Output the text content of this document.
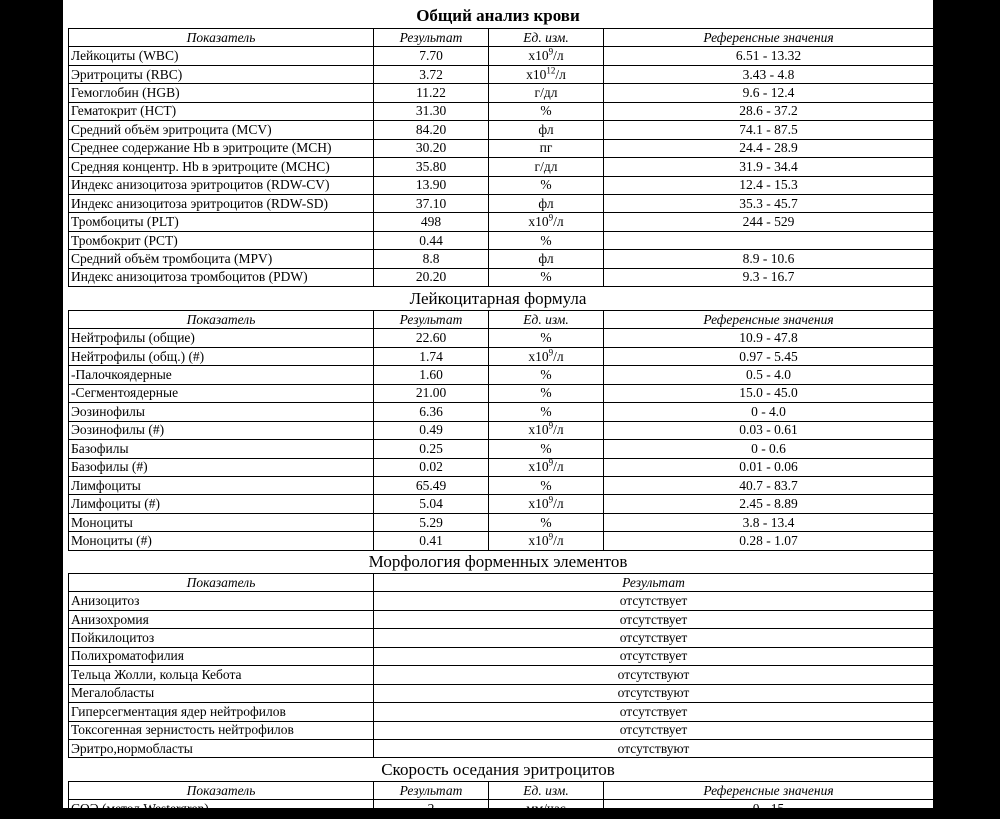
Общий анализ крови
Показатель	Результат	Ед. изм.	Референсные значения
Лейкоциты (WBC)	7.70	$x10^9/л$	6.51 - 13.32
Эритроциты (RBC)	3.72	$x10^{12}/л$	3.43 - 4.8
Гемоглобин (HGB)	11.22	г/дл	9.6 - 12.4
Гематокрит (HCT)	31.30	%	28.6 - 37.2
Средний объём эритроцита (MCV)	84.20	фл	74.1 - 87.5
Среднее содержание Hb в эритроците (MCH)	30.20	пг	24.4 - 28.9
Средняя концентр. Hb в эритроците (MCHC)	35.80	г/дл	31.9 - 34.4
Индекс анизоцитоза эритроцитов (RDW-CV)	13.90	%	12.4 - 15.3
Индекс анизоцитоза эритроцитов (RDW-SD)	37.10	фл	35.3 - 45.7
Тромбоциты (PLT)	498	$x10^9/л$	244 - 529
Тромбокрит (PCT)	0.44	%	
Средний объём тромбоцита (MPV)	8.8	фл	8.9 - 10.6
Индекс анизоцитоза тромбоцитов (PDW)	20.20	%	9.3 - 16.7
Лейкоцитарная формула
Показатель	Результат	Ед. изм.	Референсные значения
Нейтрофилы (общие)	22.60	%	10.9 - 47.8
Нейтрофилы (общ.) (#)	1.74	$x10^9/л$	0.97 - 5.45
-Палочкоядерные	1.60	%	0.5 - 4.0
-Сегментоядерные	21.00	%	15.0 - 45.0
Эозинофилы	6.36	%	0 - 4.0
Эозинофилы (#)	0.49	$x10^9/л$	0.03 - 0.61
Базофилы	0.25	%	0 - 0.6
Базофилы (#)	0.02	$x10^9/л$	0.01 - 0.06
Лимфоциты	65.49	%	40.7 - 83.7
Лимфоциты (#)	5.04	$x10^9/л$	2.45 - 8.89
Моноциты	5.29	%	3.8 - 13.4
Моноциты (#)	0.41	$x10^9/л$	0.28 - 1.07
Морфология форменных элементов
Показатель	Результат
Анизоцитоз	отсутствует
Анизохромия	отсутствует
Пойкилоцитоз	отсутствует
Полихроматофилия	отсутствует
Тельца Жолли, кольца Кебота	отсутствуют
Мегалобласты	отсутствуют
Гиперсегментация ядер нейтрофилов	отсутствует
Токсогенная зернистость нейтрофилов	отсутствует
Эритро,нормобласты	отсутствуют
Скорость оседания эритроцитов
Показатель	Результат	Ед. изм.	Референсные значения
СОЭ (метод Westergren)	2	мм/час	0 - 15
